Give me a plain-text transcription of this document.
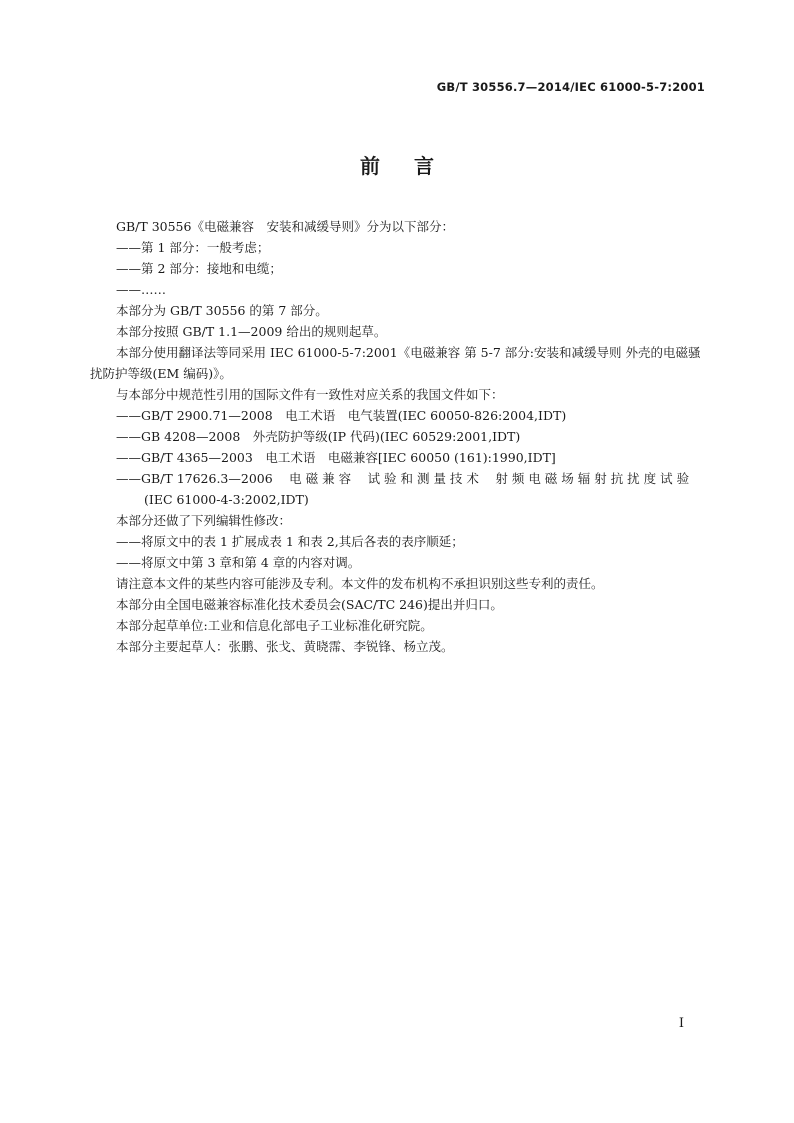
GB/T 30556.7—2014/IEC 61000-5-7:2001
前言
GB/T 30556《电磁兼容　安装和减缓导则》分为以下部分：
——第 1 部分：一般考虑；
——第 2 部分：接地和电缆；
——……
本部分为 GB/T 30556 的第 7 部分。
本部分按照 GB/T 1.1—2009 给出的规则起草。
本部分使用翻译法等同采用 IEC 61000-5-7:2001《电磁兼容 第 5-7 部分:安装和减缓导则 外壳的电磁骚扰防护等级(EM 编码)》。
与本部分中规范性引用的国际文件有一致性对应关系的我国文件如下：
——GB/T 2900.71—2008　电工术语　电气装置(IEC 60050-826:2004,IDT)
——GB 4208—2008　外壳防护等级(IP 代码)(IEC 60529:2001,IDT)
——GB/T 4365—2003　电工术语　电磁兼容[IEC 60050 (161):1990,IDT]
——GB/T 17626.3—2006　 电 磁 兼 容　 试 验 和 测 量 技 术　 射 频 电 磁 场 辐 射 抗 扰 度 试 验 (IEC 61000-4-3:2002,IDT)
本部分还做了下列编辑性修改：
——将原文中的表 1 扩展成表 1 和表 2,其后各表的表序顺延；
——将原文中第 3 章和第 4 章的内容对调。
请注意本文件的某些内容可能涉及专利。本文件的发布机构不承担识别这些专利的责任。
本部分由全国电磁兼容标准化技术委员会(SAC/TC 246)提出并归口。
本部分起草单位:工业和信息化部电子工业标准化研究院。
本部分主要起草人：张鹏、张戈、黄晓霈、李锐锋、杨立茂。
I
